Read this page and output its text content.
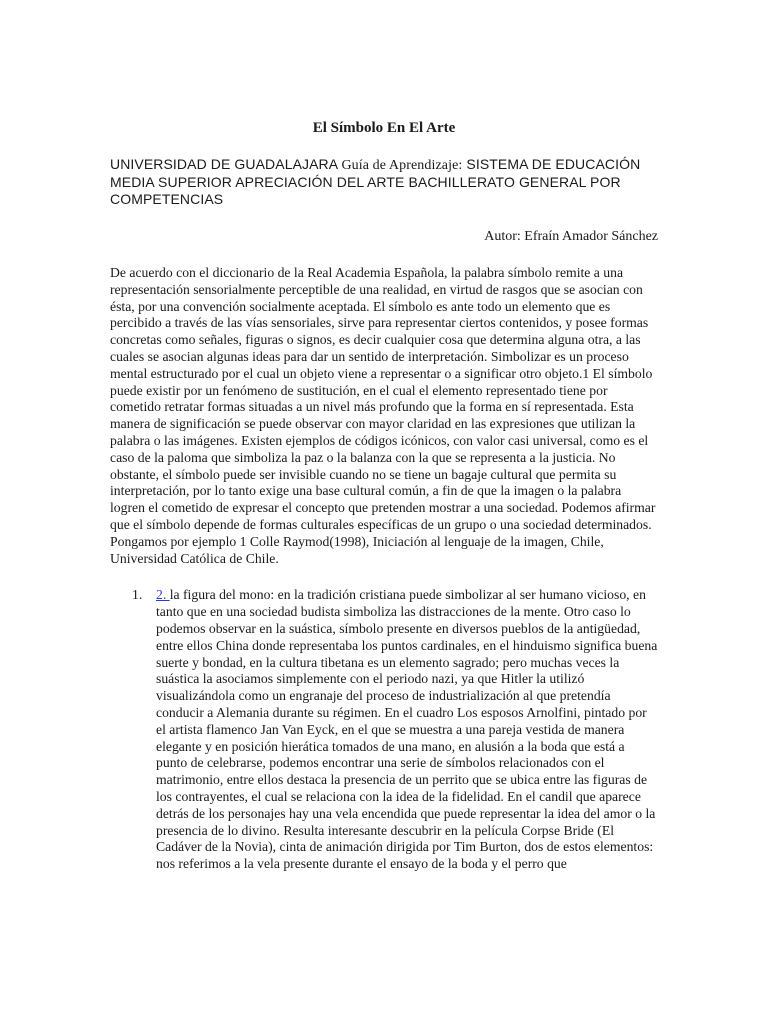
El Símbolo En El Arte

UNIVERSIDAD DE GUADALAJARA Guía de Aprendizaje: SISTEMA DE EDUCACIÓN MEDIA SUPERIOR APRECIACIÓN DEL ARTE BACHILLERATO GENERAL POR COMPETENCIAS

Autor: Efraín Amador Sánchez

De acuerdo con el diccionario de la Real Academia Española, la palabra símbolo remite a una representación sensorialmente perceptible de una realidad, en virtud de rasgos que se asocian con ésta, por una convención socialmente aceptada. El símbolo es ante todo un elemento que es percibido a través de las vías sensoriales, sirve para representar ciertos contenidos, y posee formas concretas como señales, figuras o signos, es decir cualquier cosa que determina alguna otra, a las cuales se asocian algunas ideas para dar un sentido de interpretación. Simbolizar es un proceso mental estructurado por el cual un objeto viene a representar o a significar otro objeto.1 El símbolo puede existir por un fenómeno de sustitución, en el cual el elemento representado tiene por cometido retratar formas situadas a un nivel más profundo que la forma en sí representada. Esta manera de significación se puede observar con mayor claridad en las expresiones que utilizan la palabra o las imágenes. Existen ejemplos de códigos icónicos, con valor casi universal, como es el caso de la paloma que simboliza la paz o la balanza con la que se representa a la justicia. No obstante, el símbolo puede ser invisible cuando no se tiene un bagaje cultural que permita su interpretación, por lo tanto exige una base cultural común, a fin de que la imagen o la palabra logren el cometido de expresar el concepto que pretenden mostrar a una sociedad. Podemos afirmar que el símbolo depende de formas culturales específicas de un grupo o una sociedad determinados. Pongamos por ejemplo 1 Colle Raymod(1998), Iniciación al lenguaje de la imagen, Chile, Universidad Católica de Chile.

1. 2. la figura del mono: en la tradición cristiana puede simbolizar al ser humano vicioso, en tanto que en una sociedad budista simboliza las distracciones de la mente. Otro caso lo podemos observar en la suástica, símbolo presente en diversos pueblos de la antigüedad, entre ellos China donde representaba los puntos cardinales, en el hinduismo significa buena suerte y bondad, en la cultura tibetana es un elemento sagrado; pero muchas veces la suástica la asociamos simplemente con el periodo nazi, ya que Hitler la utilizó visualizándola como un engranaje del proceso de industrialización al que pretendía conducir a Alemania durante su régimen. En el cuadro Los esposos Arnolfini, pintado por el artista flamenco Jan Van Eyck, en el que se muestra a una pareja vestida de manera elegante y en posición hierática tomados de una mano, en alusión a la boda que está a punto de celebrarse, podemos encontrar una serie de símbolos relacionados con el matrimonio, entre ellos destaca la presencia de un perrito que se ubica entre las figuras de los contrayentes, el cual se relaciona con la idea de la fidelidad. En el candil que aparece detrás de los personajes hay una vela encendida que puede representar la idea del amor o la presencia de lo divino. Resulta interesante descubrir en la película Corpse Bride (El Cadáver de la Novia), cinta de animación dirigida por Tim Burton, dos de estos elementos: nos referimos a la vela presente durante el ensayo de la boda y el perro que
